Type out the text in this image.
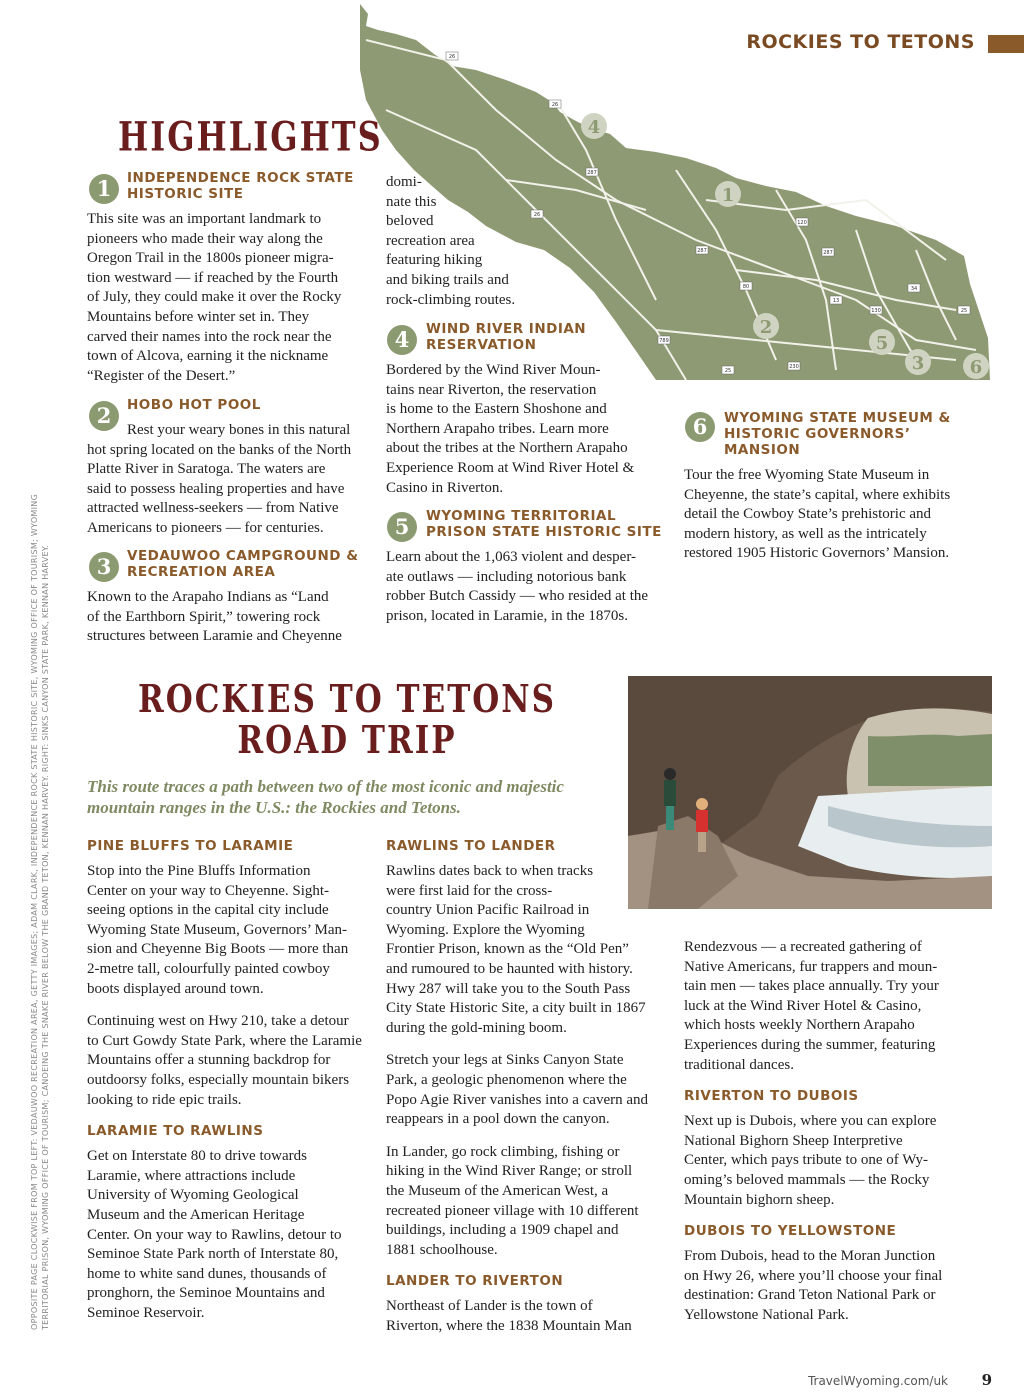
ROCKIES TO TETONS
4
1
2
5
3	6
26
26
287
26
287
120
287
80
130
13
230
34
25
789
25
HIGHLIGHTS
1	INDEPENDENCE ROCK STATE
HISTORIC SITE
This site was an important landmark to
pioneers who made their way along the
Oregon Trail in the 1800s pioneer migra-
tion westward — if reached by the Fourth
of July, they could make it over the Rocky
Mountains before winter set in. They
carved their names into the rock near the
town of Alcova, earning it the nickname
“Register of the Desert.”
2	HOBO HOT POOL
Rest your weary bones in this natural
hot spring located on the banks of the North
Platte River in Saratoga. The waters are
said to possess healing properties and have
attracted wellness-seekers — from Native
Americans to pioneers — for centuries.
3	VEDAUWOO CAMPGROUND &
RECREATION AREA
Known to the Arapaho Indians as “Land
of the Earthborn Spirit,” towering rock
structures between Laramie and Cheyenne
domi-
nate this
beloved
recreation area
featuring hiking
and biking trails and
rock-climbing routes.
4	WIND RIVER INDIAN
RESERVATION
Bordered by the Wind River Moun-
tains near Riverton, the reservation
is home to the Eastern Shoshone and
Northern Arapaho tribes. Learn more
about the tribes at the Northern Arapaho
Experience Room at Wind River Hotel &
Casino in Riverton.
5	WYOMING TERRITORIAL
PRISON STATE HISTORIC SITE
Learn about the 1,063 violent and desper-
ate outlaws — including notorious bank
robber Butch Cassidy — who resided at the
prison, located in Laramie, in the 1870s.
6	WYOMING STATE MUSEUM &
HISTORIC GOVERNORS’
MANSION
Tour the free Wyoming State Museum in
Cheyenne, the state’s capital, where exhibits
detail the Cowboy State’s prehistoric and
modern history, as well as the intricately
restored 1905 Historic Governors’ Mansion.
ROCKIES TO TETONS
ROAD TRIP
This route traces a path between two of the most iconic and majestic
mountain ranges in the U.S.: the Rockies and Tetons.
PINE BLUFFS TO LARAMIE

Stop into the Pine Bluffs Information
Center on your way to Cheyenne. Sight-
seeing options in the capital city include
Wyoming State Museum, Governors’ Man-
sion and Cheyenne Big Boots — more than
2-metre tall, colourfully painted cowboy
boots displayed around town.

Continuing west on Hwy 210, take a detour
to Curt Gowdy State Park, where the Laramie
Mountains offer a stunning backdrop for
outdoorsy folks, especially mountain bikers
looking to ride epic trails.

LARAMIE TO RAWLINS

Get on Interstate 80 to drive towards
Laramie, where attractions include
University of Wyoming Geological
Museum and the American Heritage
Center. On your way to Rawlins, detour to
Seminoe State Park north of Interstate 80,
home to white sand dunes, thousands of
pronghorn, the Seminoe Mountains and
Seminoe Reservoir.

RAWLINS TO LANDER

Rawlins dates back to when tracks
were first laid for the cross-
country Union Pacific Railroad in
Wyoming. Explore the Wyoming
Frontier Prison, known as the “Old Pen”
and rumoured to be haunted with history.
Hwy 287 will take you to the South Pass
City State Historic Site, a city built in 1867
during the gold-mining boom.

Stretch your legs at Sinks Canyon State
Park, a geologic phenomenon where the
Popo Agie River vanishes into a cavern and
reappears in a pool down the canyon.

In Lander, go rock climbing, fishing or
hiking in the Wind River Range; or stroll
the Museum of the American West, a
recreated pioneer village with 10 different
buildings, including a 1909 chapel and
1881 schoolhouse.

LANDER TO RIVERTON

Northeast of Lander is the town of
Riverton, where the 1838 Mountain Man

Rendezvous — a recreated gathering of
Native Americans, fur trappers and moun-
tain men — takes place annually. Try your
luck at the Wind River Hotel & Casino,
which hosts weekly Northern Arapaho
Experiences during the summer, featuring
traditional dances.

RIVERTON TO DUBOIS

Next up is Dubois, where you can explore
National Bighorn Sheep Interpretive
Center, which pays tribute to one of Wy-
oming’s beloved mammals — the Rocky
Mountain bighorn sheep.

DUBOIS TO YELLOWSTONE

From Dubois, head to the Moran Junction
on Hwy 26, where you’ll choose your final
destination: Grand Teton National Park or
Yellowstone National Park.

OPPOSITE PAGE CLOCKWISE FROM TOP LEFT: VEDAUWOO RECREATION AREA, GETTY IMAGES; ADAM CLARK, INDEPENDENCE ROCK STATE HISTORIC SITE, WYOMING OFFICE OF TOURISM; WYOMING TERRITORIAL PRISON, WYOMING OFFICE OF TOURISM; CANOEING THE SNAKE RIVER BELOW THE GRAND TETON, KENNAN HARVEY. RIGHT: SINKS CANYON STATE PARK, KENNAN HARVEY.
TravelWyoming.com/uk 9
